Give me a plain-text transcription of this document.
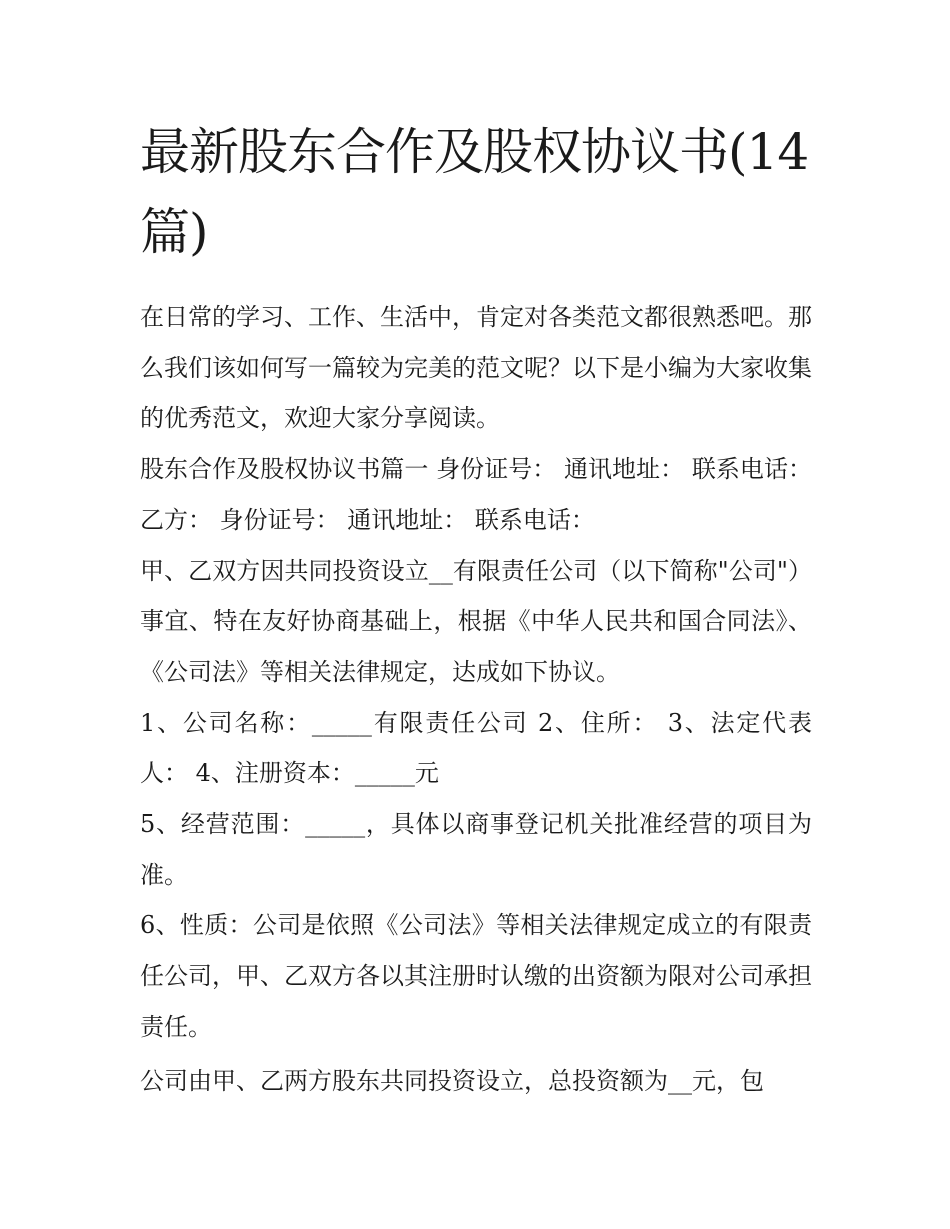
最新股东合作及股权协议书(14篇)

在日常的学习、工作、生活中，肯定对各类范文都很熟悉吧。那么我们该如何写一篇较为完美的范文呢？以下是小编为大家收集的优秀范文，欢迎大家分享阅读。

股东合作及股权协议书篇一 身份证号： 通讯地址： 联系电话： 乙方： 身份证号： 通讯地址： 联系电话：

甲、乙双方因共同投资设立__有限责任公司（以下简称"公司"）事宜、特在友好协商基础上，根据《中华人民共和国合同法》、《公司法》等相关法律规定，达成如下协议。

1、公司名称：_____有限责任公司 2、住所： 3、法定代表人： 4、注册资本：_____元

5、经营范围：_____，具体以商事登记机关批准经营的项目为准。

6、性质：公司是依照《公司法》等相关法律规定成立的有限责任公司，甲、乙双方各以其注册时认缴的出资额为限对公司承担责任。

公司由甲、乙两方股东共同投资设立，总投资额为__元，包
